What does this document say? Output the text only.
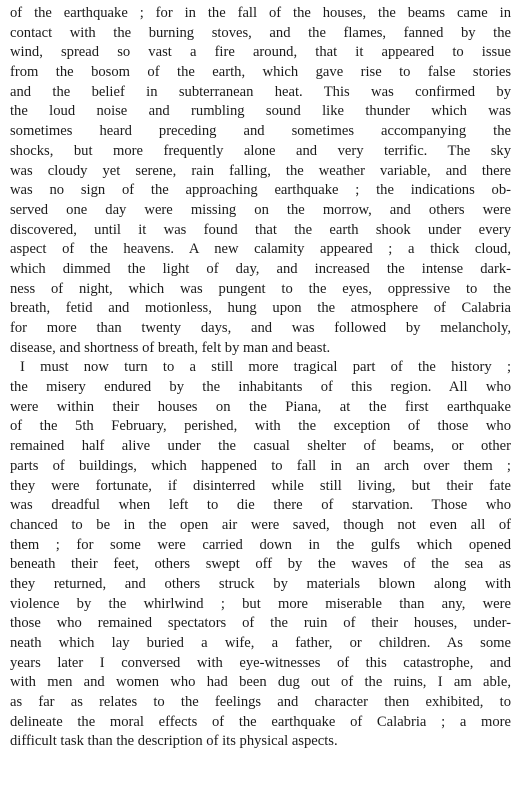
of the earthquake ; for in the fall of the houses, the beams came in
contact with the burning stoves, and the flames, fanned by the
wind, spread so vast a fire around, that it appeared to issue
from the bosom of the earth, which gave rise to false stories
and the belief in subterranean heat. This was confirmed by
the loud noise and rumbling sound like thunder which was
sometimes heard preceding and sometimes accompanying the
shocks, but more frequently alone and very terrific. The sky
was cloudy yet serene, rain falling, the weather variable, and there
was no sign of the approaching earthquake ; the indications ob-
served one day were missing on the morrow, and others were
discovered, until it was found that the earth shook under every
aspect of the heavens. A new calamity appeared ; a thick cloud,
which dimmed the light of day, and increased the intense dark-
ness of night, which was pungent to the eyes, oppressive to the
breath, fetid and motionless, hung upon the atmosphere of Calabria
for more than twenty days, and was followed by melancholy,
disease, and shortness of breath, felt by man and beast.
I must now turn to a still more tragical part of the history ;
the misery endured by the inhabitants of this region. All who
were within their houses on the Piana, at the first earthquake
of the 5th February, perished, with the exception of those who
remained half alive under the casual shelter of beams, or other
parts of buildings, which happened to fall in an arch over them ;
they were fortunate, if disinterred while still living, but their fate
was dreadful when left to die there of starvation. Those who
chanced to be in the open air were saved, though not even all of
them ; for some were carried down in the gulfs which opened
beneath their feet, others swept off by the waves of the sea as
they returned, and others struck by materials blown along with
violence by the whirlwind ; but more miserable than any, were
those who remained spectators of the ruin of their houses, under-
neath which lay buried a wife, a father, or children. As some
years later I conversed with eye-witnesses of this catastrophe, and
with men and women who had been dug out of the ruins, I am able,
as far as relates to the feelings and character then exhibited, to
delineate the moral effects of the earthquake of Calabria ; a more
difficult task than the description of its physical aspects.
